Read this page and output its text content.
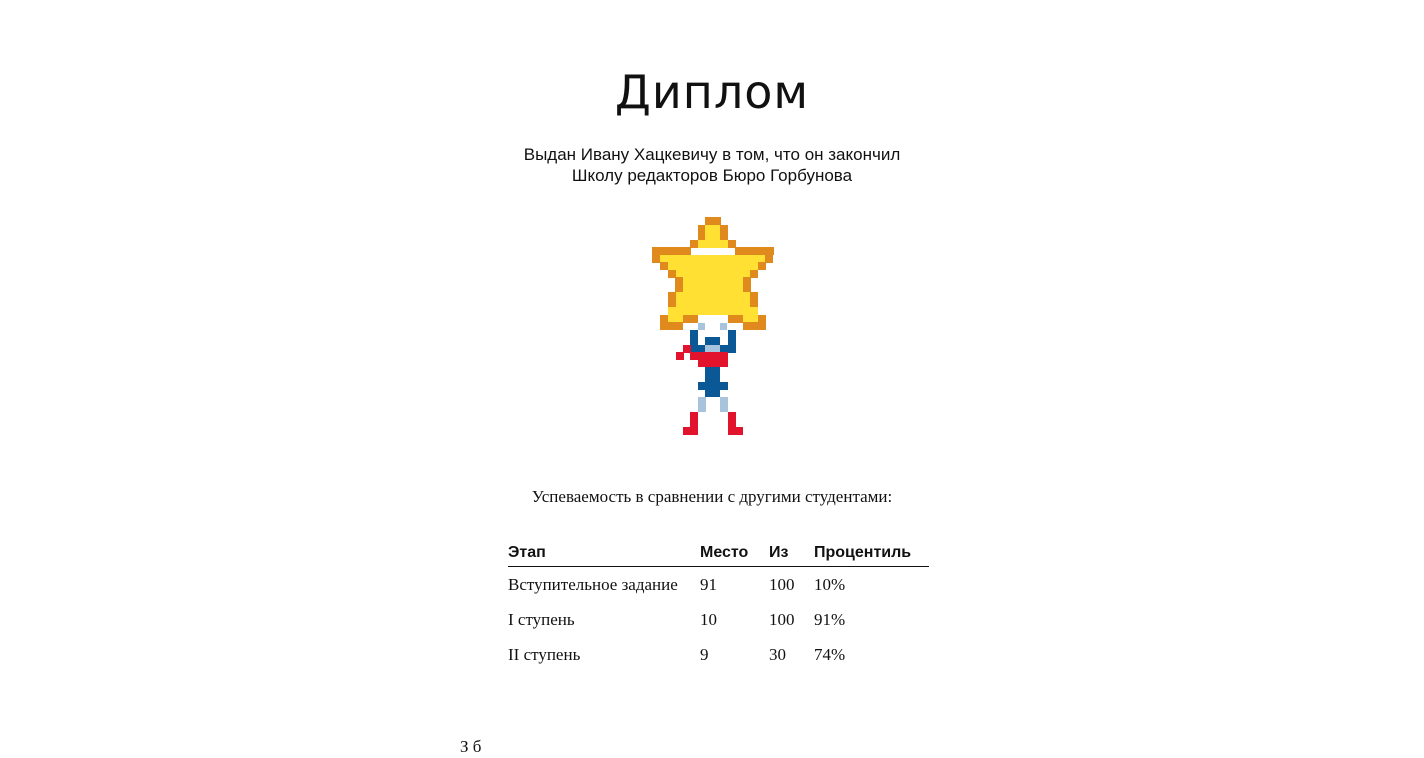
Диплом
Выдан Ивану Хацкевичу в том, что он закончил
Школу редакторов Бюро Горбунова
Успеваемость в сравнении с другими студентами:
Этап	Место	Из	Процентиль
Вступительное задание	91	100	10%
I ступень	10	100	91%
II ступень	9	30	74%
З б
